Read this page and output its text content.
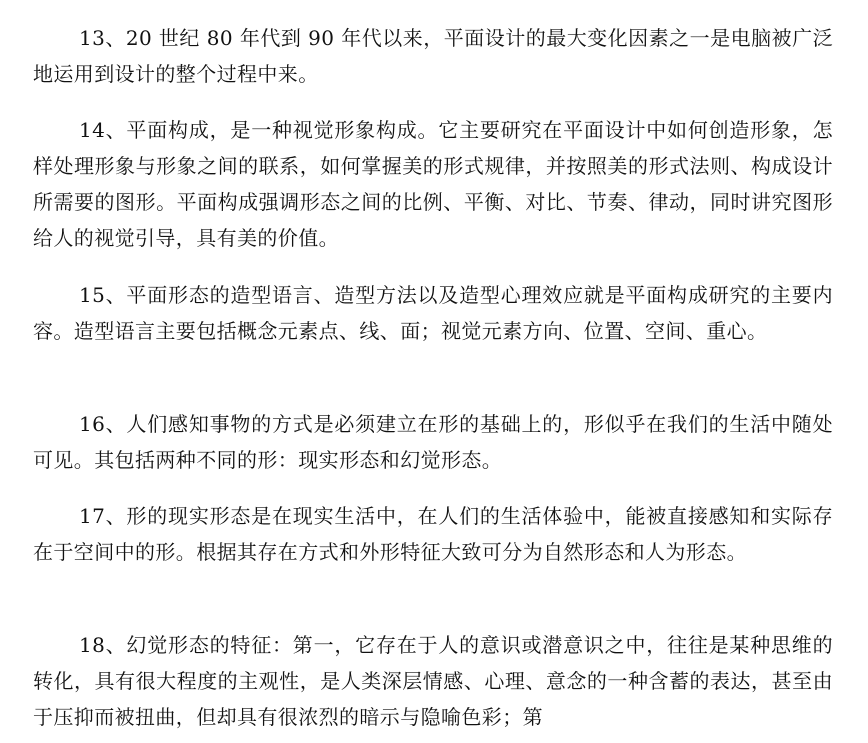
13、20 世纪 80 年代到 90 年代以来，平面设计的最大变化因素之一是电脑被广泛地运用到设计的整个过程中来。

14、平面构成，是一种视觉形象构成。它主要研究在平面设计中如何创造形象，怎样处理形象与形象之间的联系，如何掌握美的形式规律，并按照美的形式法则、构成设计所需要的图形。平面构成强调形态之间的比例、平衡、对比、节奏、律动，同时讲究图形给人的视觉引导，具有美的价值。

15、平面形态的造型语言、造型方法以及造型心理效应就是平面构成研究的主要内容。造型语言主要包括概念元素点、线、面；视觉元素方向、位置、空间、重心。

16、人们感知事物的方式是必须建立在形的基础上的，形似乎在我们的生活中随处可见。其包括两种不同的形：现实形态和幻觉形态。

17、形的现实形态是在现实生活中，在人们的生活体验中，能被直接感知和实际存在于空间中的形。根据其存在方式和外形特征大致可分为自然形态和人为形态。

18、幻觉形态的特征：第一，它存在于人的意识或潜意识之中，往往是某种思维的转化，具有很大程度的主观性，是人类深层情感、心理、意念的一种含蓄的表达，甚至由于压抑而被扭曲，但却具有很浓烈的暗示与隐喻色彩；第
